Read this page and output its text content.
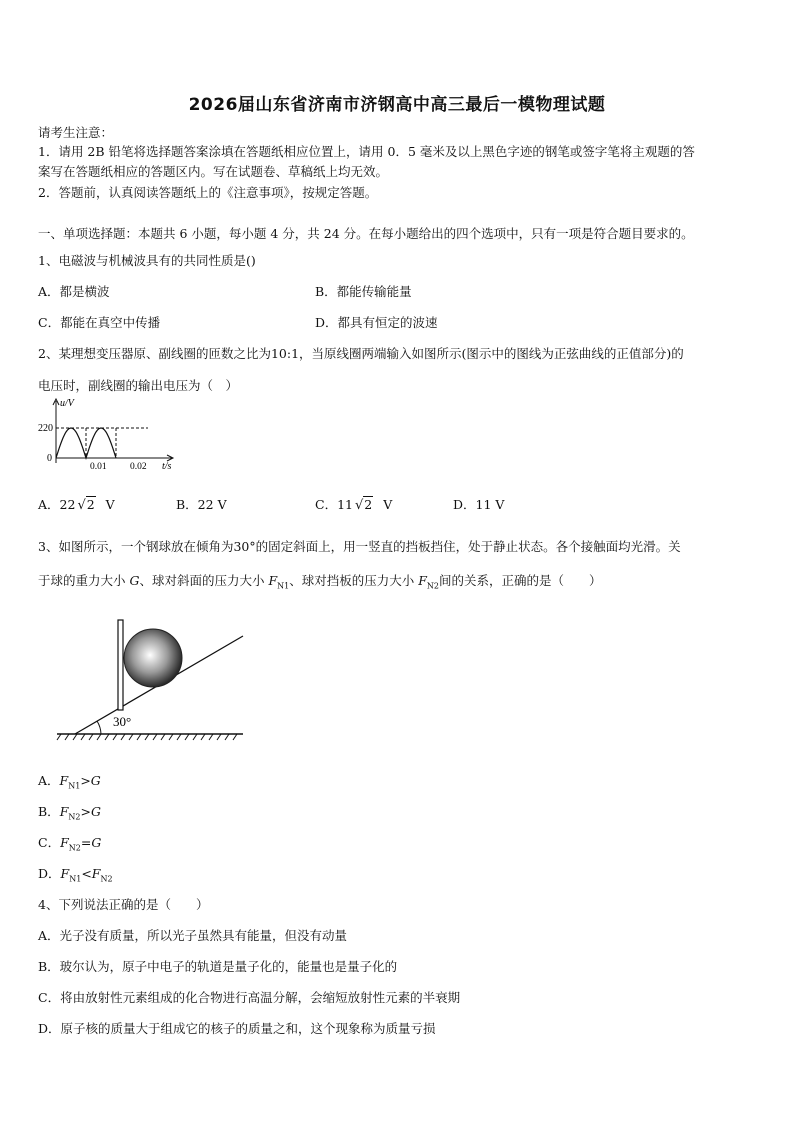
2026届山东省济南市济钢高中高三最后一模物理试题
请考生注意：
1．请用 2B 铅笔将选择题答案涂填在答题纸相应位置上，请用 0．5 毫米及以上黑色字迹的钢笔或签字笔将主观题的答
案写在答题纸相应的答题区内。写在试题卷、草稿纸上均无效。
2．答题前，认真阅读答题纸上的《注意事项》，按规定答题。
一、单项选择题：本题共 6 小题，每小题 4 分，共 24 分。在每小题给出的四个选项中，只有一项是符合题目要求的。
1、电磁波与机械波具有的共同性质是()
A．都是横波	B．都能传输能量
C．都能在真空中传播	D．都具有恒定的波速
2、某理想变压器原、副线圈的匝数之比为10:1，当原线圈两端输入如图所示(图示中的图线为正弦曲线的正值部分)的
电压时，副线圈的输出电压为（　）
u/V
220
0
0.01 0.02 t/s
A．22 √2 V	B．22 V	C．11 √2 V	D．11 V
3、如图所示，一个钢球放在倾角为30°的固定斜面上，用一竖直的挡板挡住，处于静止状态。各个接触面均光滑。关
于球的重力大小 G、球对斜面的压力大小 $F_{N1}$、球对挡板的压力大小 $F_{N2}$间的关系，正确的是（　　）
30°
A．$F_{N1}>G$
B．$F_{N2}>G$
C．$F_{N2}=G$
D．$F_{N1}<F_{N2}$
4、下列说法正确的是（　　）
A．光子没有质量，所以光子虽然具有能量，但没有动量
B．玻尔认为，原子中电子的轨道是量子化的，能量也是量子化的
C．将由放射性元素组成的化合物进行高温分解，会缩短放射性元素的半衰期
D．原子核的质量大于组成它的核子的质量之和，这个现象称为质量亏损
